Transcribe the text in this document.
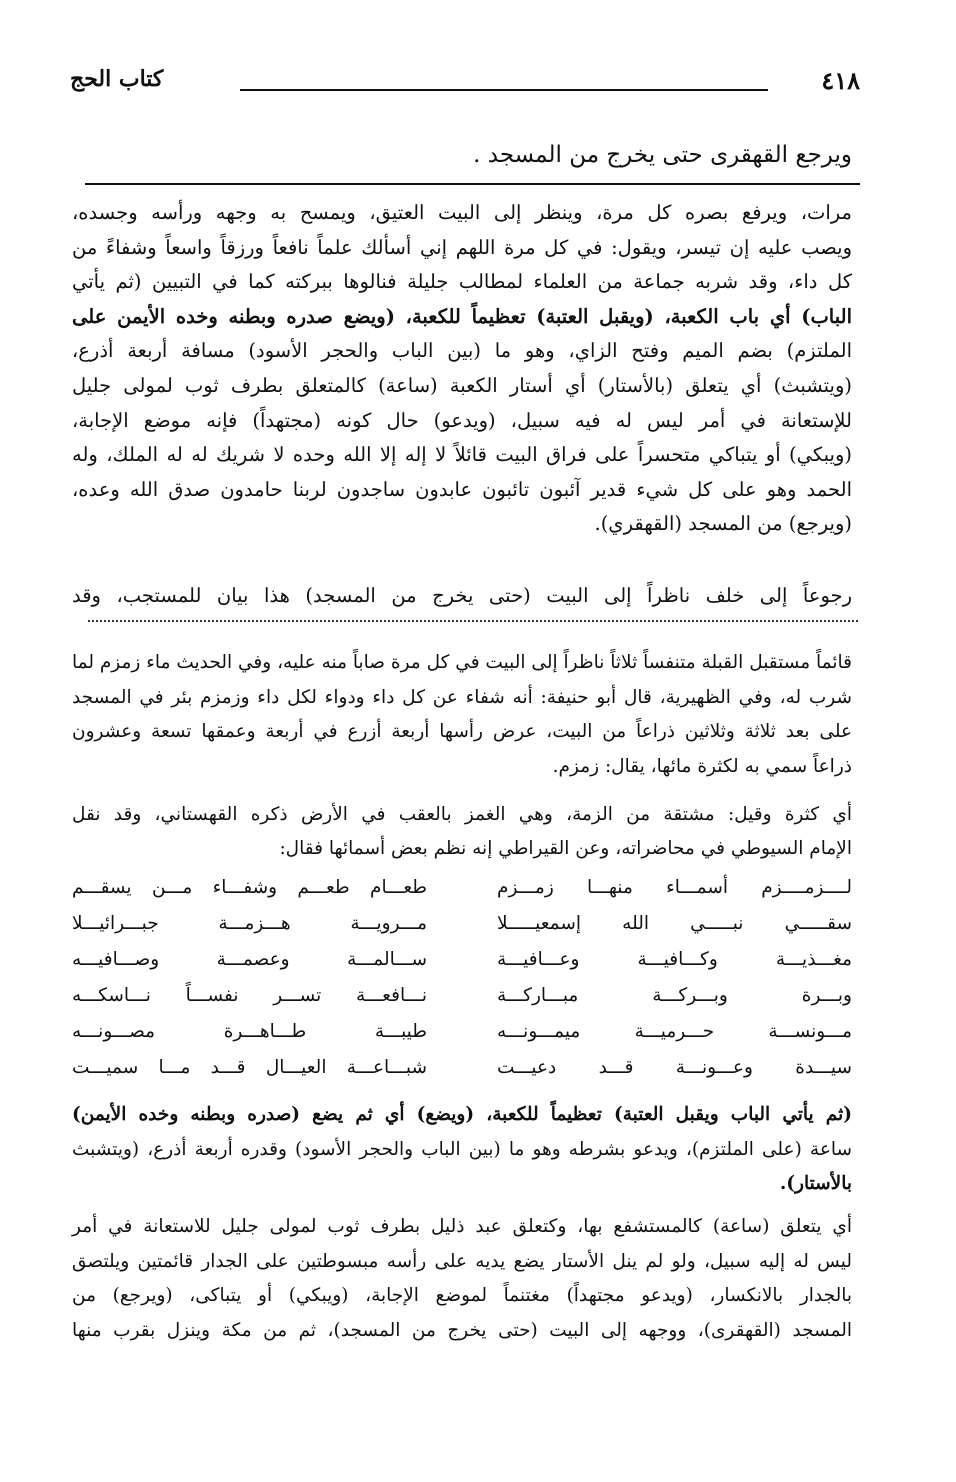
٤١٨
كتاب الحج
ويرجع القهقرى حتى يخرج من المسجد .
مرات، ويرفع بصره كل مرة، وينظر إلى البيت العتيق، ويمسح به وجهه ورأسه وجسده،
ويصب عليه إن تيسر، ويقول: في كل مرة اللهم إني أسألك علماً نافعاً ورزقاً واسعاً وشفاءً من
كل داء، وقد شربه جماعة من العلماء لمطالب جليلة فنالوها ببركته كما في التبيين (ثم يأتي
الباب) أي باب الكعبة، (ويقبل العتبة) تعظيماً للكعبة، (ويضع صدره وبطنه وخده الأيمن على
الملتزم) بضم الميم وفتح الزاي، وهو ما (بين الباب والحجر الأسود) مسافة أربعة أذرع،
(ويتشبث) أي يتعلق (بالأستار) أي أستار الكعبة (ساعة) كالمتعلق بطرف ثوب لمولى جليل
للإستعانة في أمر ليس له فيه سبيل، (ويدعو) حال كونه (مجتهداً) فإنه موضع الإجابة،
(ويبكي) أو يتباكي متحسراً على فراق البيت قائلاً لا إله إلا الله وحده لا شريك له له الملك، وله
الحمد وهو على كل شيء قدير آئبون تائبون عابدون ساجدون لربنا حامدون صدق الله وعده،
(ويرجع) من المسجد (القهقري).
رجوعاً إلى خلف ناظراً إلى البيت (حتى يخرج من المسجد) هذا بيان للمستجب، وقد
قائماً مستقبل القبلة متنفساً ثلاثاً ناظراً إلى البيت في كل مرة صاباً منه عليه، وفي الحديث ماء زمزم لما
شرب له، وفي الظهيرية، قال أبو حنيفة: أنه شفاء عن كل داء ودواء لكل داء وزمزم بئر في المسجد
على بعد ثلاثة وثلاثين ذراعاً من البيت، عرض رأسها أربعة أزرع في أربعة وعمقها تسعة وعشرون
ذراعاً سمي به لكثرة مائها، يقال: زمزم.
أي كثرة وقيل: مشتقة من الزمة، وهي الغمز بالعقب في الأرض ذكره القهستاني، وقد نقل
الإمام السيوطي في محاضراته، وعن القيراطي إنه نظم بعض أسمائها فقال:
لــــزمــــزم أسمـــاء منهـــا زمـــزم
طعـــام طعـــم وشفـــاء مـــن يسقـــم
سقـــــي نبـــــي الله إسمعيـــــلا
مـــرويـــة هـــزمـــة جبـــرائيـــلا
مغـــذيـــة وكـــافيـــة وعـــافيـــة
ســـالمـــة وعصمـــة وصـــافيـــه
وبـــرة وبـــركـــة مبـــاركـــة
نـــافعـــة تســـر نفســـاً نـــاسكـــه
مـــونســـة حـــرميـــة ميمـــونـــه
طيبـــة طـــاهـــرة مصـــونـــه
سيـــدة وعـــونـــة قـــد دعيـــت
شبـــاعـــة العيـــال قـــد مـــا سميـــت
(ثم يأتي الباب ويقبل العتبة) تعظيماً للكعبة، (ويضع) أي ثم يضع (صدره وبطنه وخده الأيمن)
ساعة (على الملتزم)، ويدعو بشرطه وهو ما (بين الباب والحجر الأسود) وقدره أربعة أذرع، (ويتشبث
بالأستار).
أي يتعلق (ساعة) كالمستشفع بها، وكتعلق عبد ذليل بطرف ثوب لمولى جليل للاستعانة في أمر
ليس له إليه سبيل، ولو لم ينل الأستار يضع يديه على رأسه مبسوطتين على الجدار قائمتين ويلتصق
بالجدار بالانكسار، (ويدعو مجتهداً) مغتنماً لموضع الإجابة، (ويبكي) أو يتباكى، (ويرجع) من
المسجد (القهقرى)، ووجهه إلى البيت (حتى يخرج من المسجد)، ثم من مكة وينزل بقرب منها
